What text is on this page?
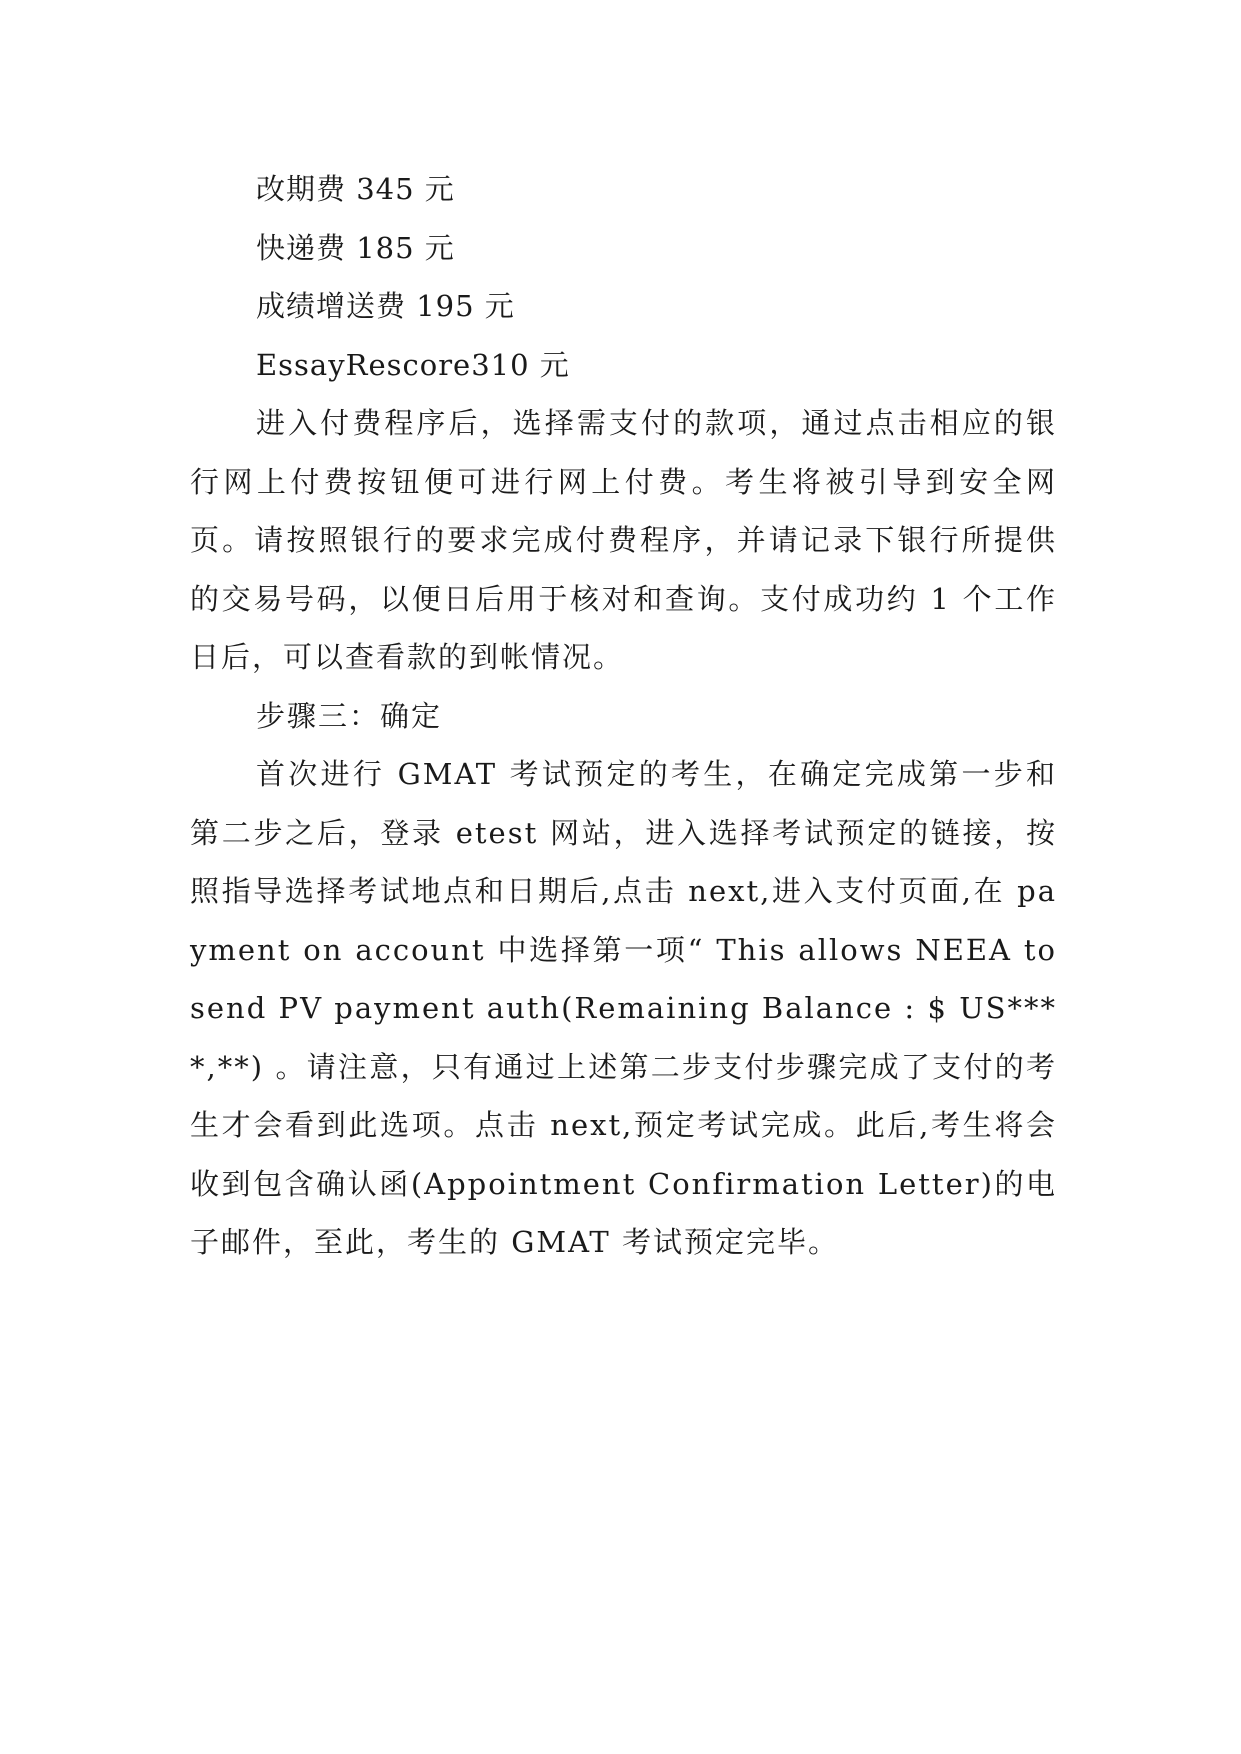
改期费 345 元

快递费 185 元

成绩增送费 195 元

EssayRescore310 元

进入付费程序后，选择需支付的款项，通过点击相应的银行网上付费按钮便可进行网上付费。考生将被引导到安全网页。请按照银行的要求完成付费程序，并请记录下银行所提供的交易号码，以便日后用于核对和查询。支付成功约 1 个工作日后，可以查看款的到帐情况。

步骤三：确定

首次进行 GMAT 考试预定的考生，在确定完成第一步和第二步之后，登录 etest 网站，进入选择考试预定的链接，按照指导选择考试地点和日期后,点击 next,进入支付页面,在 payment on account 中选择第一项“ This allows NEEA to send PV payment auth(Remaining Balance : $ US****,**) 。请注意，只有通过上述第二步支付步骤完成了支付的考生才会看到此选项。点击 next,预定考试完成。此后,考生将会收到包含确认函(Appointment Confirmation Letter)的电子邮件，至此，考生的 GMAT 考试预定完毕。
